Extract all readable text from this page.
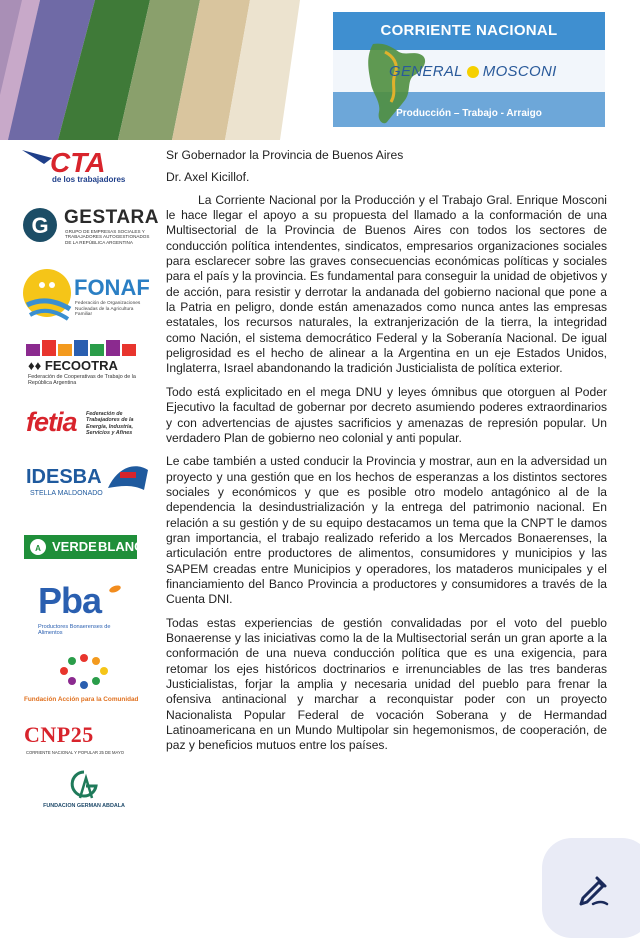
CORRIENTE NACIONAL
GENERAL MOSCONI
Producción – Trabajo - Arraigo
CTA
de los trabajadores
G GESTARA
GRUPO DE EMPRESAS SOCIALES Y TRABAJADORES AUTOGESTIONADOS DE LA REPÚBLICA ARGENTINA
FONAF
Federación de Organizaciones Nucleadas de la Agricultura Familiar
♦♦ FECOOTRA
Federación de Cooperativas de Trabajo de la República Argentina
fetia Federación de Trabajadores de la Energía, Industria, Servicios y Afines
IDESBA
STELLA MALDONADO
A VERDE BLANCA
Pba
Productores Bonaerenses de Alimentos
Fundación Acción para la Comunidad
CNP25
CORRIENTE NACIONAL Y POPULAR 25 DE MAYO
FUNDACION GERMAN ABDALA

Sr Gobernador la Provincia de Buenos Aires

Dr. Axel Kicillof.

La Corriente Nacional por la Producción y el Trabajo Gral. Enrique Mosconi le hace llegar el apoyo a su propuesta del llamado a la conformación de una Multisectorial de la Provincia de Buenos Aires con todos los sectores de conducción política intendentes, sindicatos, empresarios organizaciones sociales para esclarecer sobre las graves consecuencias económicas políticas y sociales para el país y la provincia. Es fundamental para conseguir la unidad de objetivos y de acción, para resistir y derrotar la andanada del gobierno nacional que pone a la Patria en peligro, donde están amenazados como nunca antes las empresas estatales, los recursos naturales, la extranjerización de la tierra, la integridad como Nación, el sistema democrático Federal y la Soberanía Nacional. De igual peligrosidad es el hecho de alinear a la Argentina en un eje Estados Unidos, Inglaterra, Israel abandonando la tradición Justicialista de política exterior.

Todo está explicitado en el mega DNU y leyes ómnibus que otorguen al Poder Ejecutivo la facultad de gobernar por decreto asumiendo poderes extraordinarios y con advertencias de ajustes sacrificios y amenazas de represión popular. Un verdadero Plan de gobierno neo colonial y anti popular.

Le cabe también a usted conducir la Provincia y mostrar, aun en la adversidad un proyecto y una gestión que en los hechos de esperanzas a los distintos sectores sociales y económicos y que es posible otro modelo antagónico al de la dependencia la desindustrialización y la entrega del patrimonio nacional. En relación a su gestión y de su equipo destacamos un tema que la CNPT le damos gran importancia, el trabajo realizado referido a los Mercados Bonaerenses, la articulación entre productores de alimentos, consumidores y municipios y las SAPEM creadas entre Municipios y operadores, los mataderos municipales y el financiamiento del Banco Provincia a productores y consumidores a través de la Cuenta DNI.

Todas estas experiencias de gestión convalidadas por el voto del pueblo Bonaerense y las iniciativas como la de la Multisectorial serán un gran aporte a la conformación de una nueva conducción política que es una exigencia, para retomar los ejes históricos doctrinarios e irrenunciables de las tres banderas Justicialistas, forjar la amplia y necesaria unidad del pueblo para frenar la ofensiva antinacional y marchar a reconquistar poder con un proyecto Nacionalista Popular Federal de vocación Soberana y de Hermandad Latinoamericana en un Mundo Multipolar sin hegemonismos, de cooperación, de paz y beneficios mutuos entre los países.
